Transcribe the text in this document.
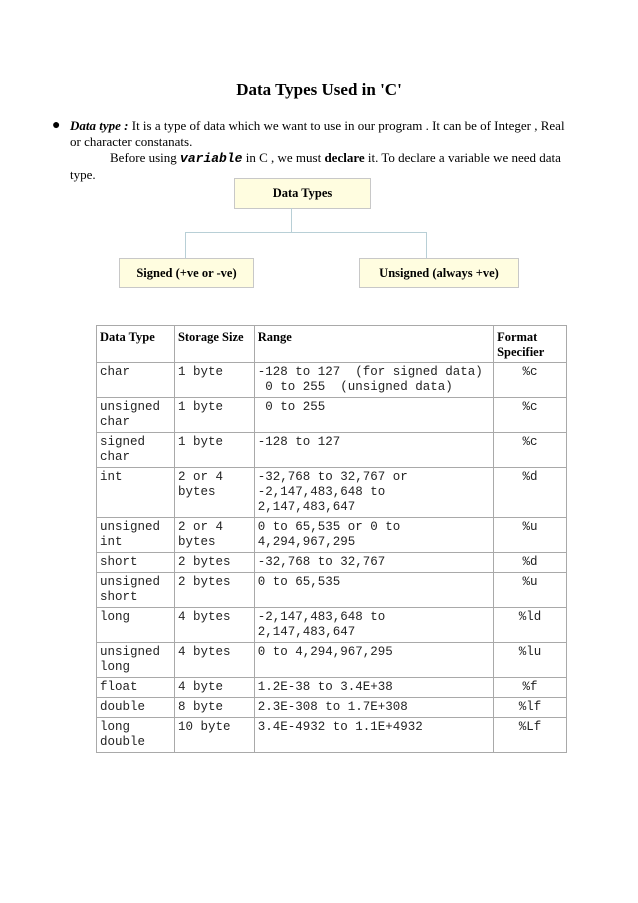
Data Types Used in 'C'
● Data type : It is a type of data which we want to use in our program . It can be of Integer , Real or character constanats.

Before using variable in C , we must declare it. To declare a variable we need data type.

Data Types
Signed (+ve or -ve)	Unsigned (always +ve)
Data Type	Storage Size	Range	Format Specifier
char	1 byte	-128 to 127  (for signed data)
0 to 255  (unsigned data)	%c
unsigned char	1 byte	0 to 255	%c
signed char	1 byte	-128 to 127	%c
int	2 or 4 bytes	-32,768 to 32,767 or -2,147,483,648 to 2,147,483,647	%d
unsigned int	2 or 4 bytes	0 to 65,535 or 0 to 4,294,967,295	%u
short	2 bytes	-32,768 to 32,767	%d
unsigned short	2 bytes	0 to 65,535	%u
long	4 bytes	-2,147,483,648 to 2,147,483,647	%ld
unsigned long	4 bytes	0 to 4,294,967,295	%lu
float	4 byte	1.2E-38 to 3.4E+38	%f
double	8 byte	2.3E-308 to 1.7E+308	%lf
long double	10 byte	3.4E-4932 to 1.1E+4932	%Lf
